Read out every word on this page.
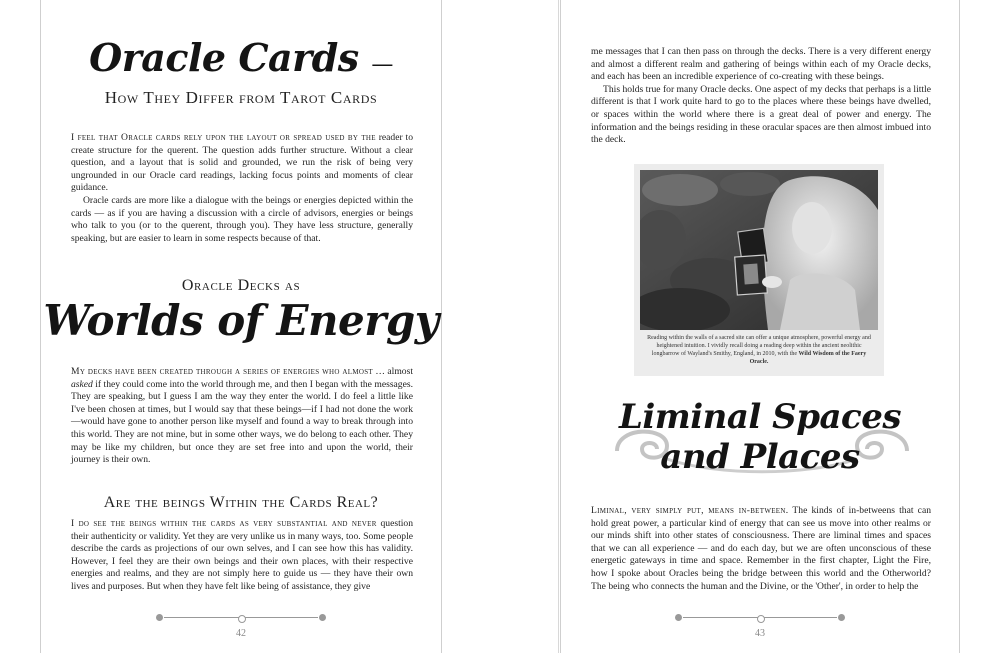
Oracle Cards —
How They Differ from Tarot Cards

I feel that Oracle cards rely upon the layout or spread used by the reader to create structure for the querent. The question adds further structure. Without a clear question, and a layout that is solid and grounded, we run the risk of being very ungrounded in our Oracle card readings, lacking focus points and moments of clear guidance.

Oracle cards are more like a dialogue with the beings or energies depicted within the cards — as if you are having a discussion with a circle of advisors, energies or beings who talk to you (or to the querent, through you). They have less structure, generally speaking, but are easier to learn in some respects because of that.

Oracle Decks as
Worlds of Energy

My decks have been created through a series of energies who almost … almost asked if they could come into the world through me, and then I began with the messages. They are speaking, but I guess I am the way they enter the world. I do feel a little like I've been chosen at times, but I would say that these beings—if I had not done the work—would have gone to another person like myself and found a way to break through into this world. They are not mine, but in some other ways, we do belong to each other. They may be like my children, but once they are set free into and upon the world, their journey is their own.

Are the beings Within the Cards Real?

I do see the beings within the cards as very substantial and never question their authenticity or validity. Yet they are very unlike us in many ways, too. Some people describe the cards as projections of our own selves, and I can see how this has validity. However, I feel they are their own beings and their own places, with their respective energies and realms, and they are not simply here to guide us — they have their own lives and purposes. But when they have felt like being of assistance, they give

42

me messages that I can then pass on through the decks. There is a very different energy and almost a different realm and gathering of beings within each of my Oracle decks, and each has been an incredible experience of co-creating with these beings.

This holds true for many Oracle decks. One aspect of my decks that perhaps is a little different is that I work quite hard to go to the places where these beings have dwelled, or spaces within the world where there is a great deal of power and energy. The information and the beings residing in these oracular spaces are then almost imbued into the deck.

Reading within the walls of a sacred site can offer a unique atmosphere, powerful energy and heightened intuition. I vividly recall doing a reading deep within the ancient neolithic longbarrow of Wayland's Smithy, England, in 2010, with the Wild Wisdom of the Faery Oracle.
Liminal Spaces
and Places

Liminal, very simply put, means in-between. The kinds of in-betweens that can hold great power, a particular kind of energy that can see us move into other realms or our minds shift into other states of consciousness. There are liminal times and spaces that we can all experience — and do each day, but we are often unconscious of these energetic gateways in time and space. Remember in the first chapter, Light the Fire, how I spoke about Oracles being the bridge between this world and the Otherworld? The being who connects the human and the Divine, or the 'Other', in order to help the

43
